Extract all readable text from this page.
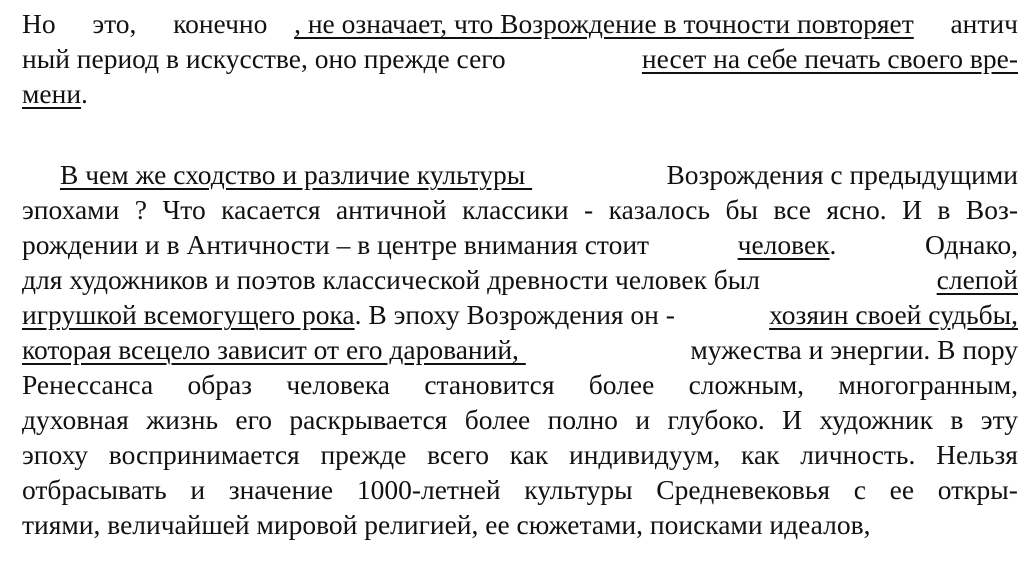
Но это, конечно , не означает, что Возрождение в точности повторяет антич
ный период в искусстве, оно прежде сего	несет на себе печать своего вре-
мени .
В чем же сходство и различие культуры	Возрождения с предыдущими
эпохами ? Что касается античной классики - казалось бы все ясно. И в Воз-
рождении и в Античности – в центре внимания стоит	человек.	Однако,
для художников и поэтов классической древности человек был	слепой
игрушкой всемогущего рока. В эпоху Возрождения он -	хозяин своей судьбы,
которая всецело зависит от его дарований,	мужества и энергии. В пору
Ренессанса образ человека становится более сложным, многогранным,
духовная жизнь его раскрывается более полно и глубоко. И художник в эту
эпоху воспринимается прежде всего как индивидуум, как личность. Нельзя
отбрасывать и значение 1000-летней культуры Средневековья с ее откры-
тиями, величайшей мировой религией, ее сюжетами, поисками идеалов,
